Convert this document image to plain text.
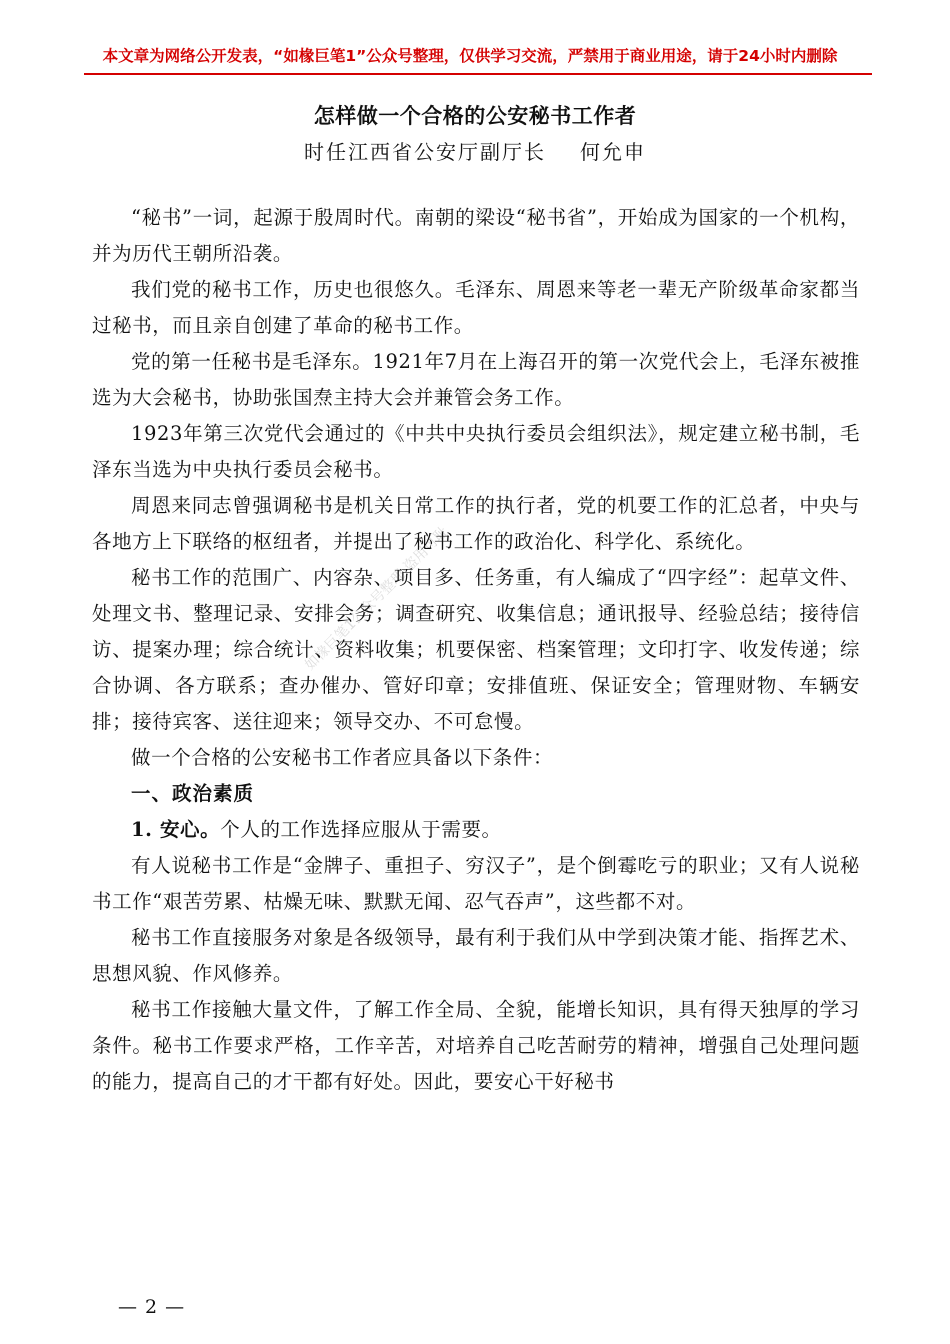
本文章为网络公开发表，“如椽巨笔1”公众号整理，仅供学习交流，严禁用于商业用途，请于24小时内删除
怎样做一个合格的公安秘书工作者
时任江西省公安厅副厅长 何允申
如椽巨笔1公众号整理·盗用可耻

“秘书”一词，起源于殷周时代。南朝的梁设“秘书省”，开始成为国家的一个机构，并为历代王朝所沿袭。

我们党的秘书工作，历史也很悠久。毛泽东、周恩来等老一辈无产阶级革命家都当过秘书，而且亲自创建了革命的秘书工作。

党的第一任秘书是毛泽东。1921年7月在上海召开的第一次党代会上，毛泽东被推选为大会秘书，协助张国焘主持大会并兼管会务工作。

1923年第三次党代会通过的《中共中央执行委员会组织法》，规定建立秘书制，毛泽东当选为中央执行委员会秘书。

周恩来同志曾强调秘书是机关日常工作的执行者，党的机要工作的汇总者，中央与各地方上下联络的枢纽者，并提出了秘书工作的政治化、科学化、系统化。

秘书工作的范围广、内容杂、项目多、任务重，有人编成了“四字经”：起草文件、处理文书、整理记录、安排会务；调查研究、收集信息；通讯报导、经验总结；接待信访、提案办理；综合统计、资料收集；机要保密、档案管理；文印打字、收发传递；综合协调、各方联系；查办催办、管好印章；安排值班、保证安全；管理财物、车辆安排；接待宾客、送往迎来；领导交办、不可怠慢。

做一个合格的公安秘书工作者应具备以下条件：

一、政治素质

1. 安心。个人的工作选择应服从于需要。

有人说秘书工作是“金牌子、重担子、穷汉子”，是个倒霉吃亏的职业；又有人说秘书工作“艰苦劳累、枯燥无味、默默无闻、忍气吞声”，这些都不对。

秘书工作直接服务对象是各级领导，最有利于我们从中学到决策才能、指挥艺术、思想风貌、作风修养。

秘书工作接触大量文件，了解工作全局、全貌，能增长知识，具有得天独厚的学习条件。秘书工作要求严格，工作辛苦，对培养自己吃苦耐劳的精神，增强自己处理问题的能力，提高自己的才干都有好处。因此，要安心干好秘书

— 2 —
